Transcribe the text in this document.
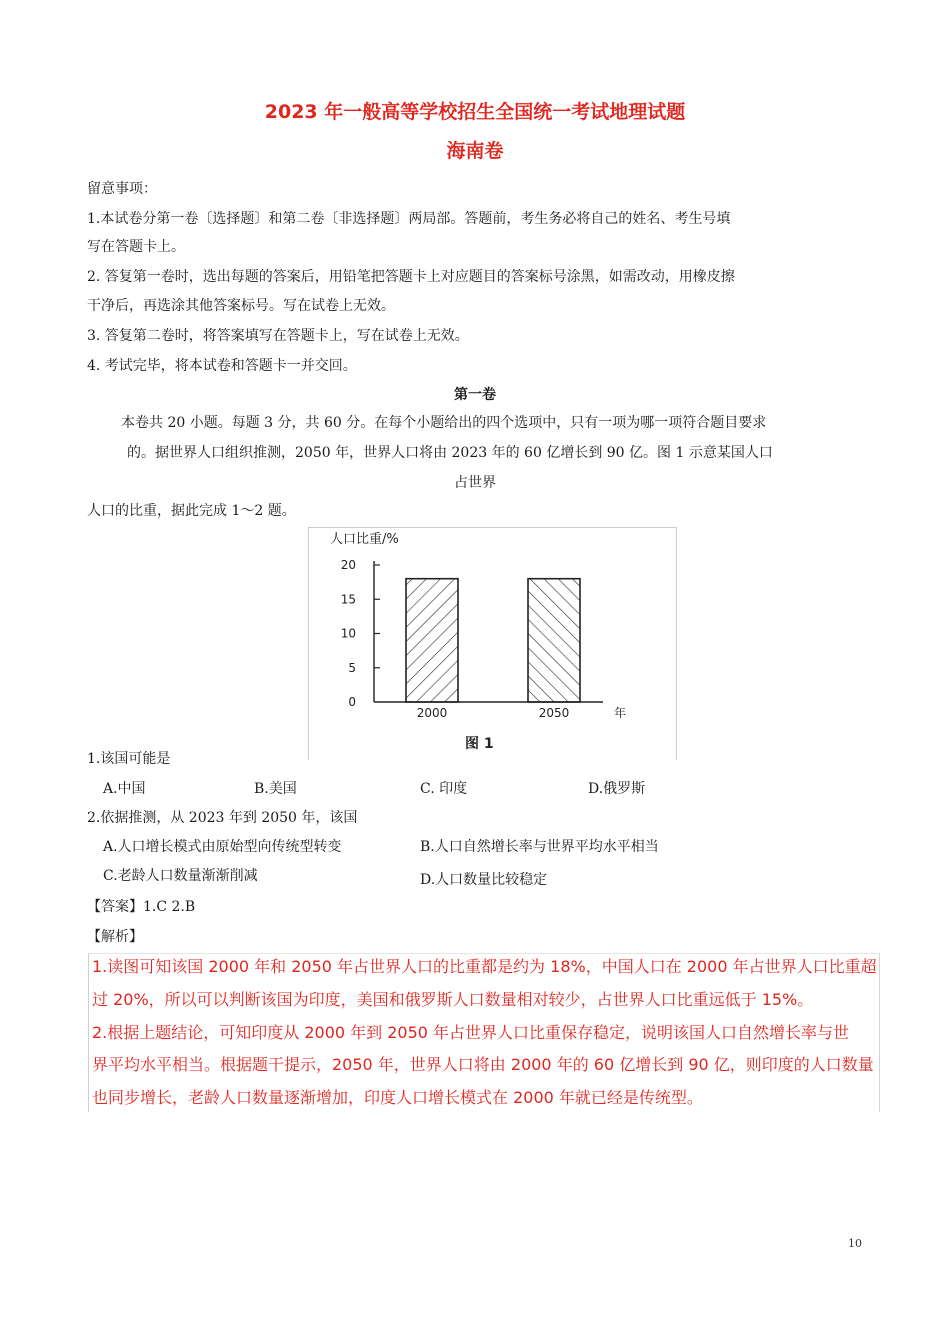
2023 年一般高等学校招生全国统一考试地理试题
海南卷
留意事项：
1.本试卷分第一卷〔选择题〕和第二卷〔非选择题〕两局部。答题前，考生务必将自己的姓名、考生号填
写在答题卡上。
2. 答复第一卷时，选出每题的答案后，用铅笔把答题卡上对应题目的答案标号涂黑，如需改动，用橡皮擦
干净后，再选涂其他答案标号。写在试卷上无效。
3. 答复第二卷时，将答案填写在答题卡上，写在试卷上无效。
4. 考试完毕，将本试卷和答题卡一并交回。
第一卷
本卷共 20 小题。每题 3 分，共 60 分。在每个小题给出的四个选项中，只有一项为哪一项符合题目要求
的。据世界人口组织推测，2050 年，世界人口将由 2023 年的 60 亿增长到 90 亿。图 1 示意某国人口
占世界
人口的比重，据此完成 1～2 题。
人口比重/%
0
5
10
15
20
2000	2050	年
图 1
1.该国可能是
A.中国	B.美国	C. 印度	D.俄罗斯
2.依据推测，从 2023 年到 2050 年，该国
A.人口增长模式由原始型向传统型转变	B.人口自然增长率与世界平均水平相当
C.老龄人口数量渐渐削减	D.人口数量比较稳定
【答案】1.C 2.B
【解析】
1.读图可知该国 2000 年和 2050 年占世界人口的比重都是约为 18%，中国人口在 2000 年占世界人口比重超
过 20%，所以可以判断该国为印度，美国和俄罗斯人口数量相对较少，占世界人口比重远低于 15%。
2.根据上题结论，可知印度从 2000 年到 2050 年占世界人口比重保存稳定，说明该国人口自然增长率与世
界平均水平相当。根据题干提示，2050 年，世界人口将由 2000 年的 60 亿增长到 90 亿，则印度的人口数量
也同步增长，老龄人口数量逐渐增加，印度人口增长模式在 2000 年就已经是传统型。
10
